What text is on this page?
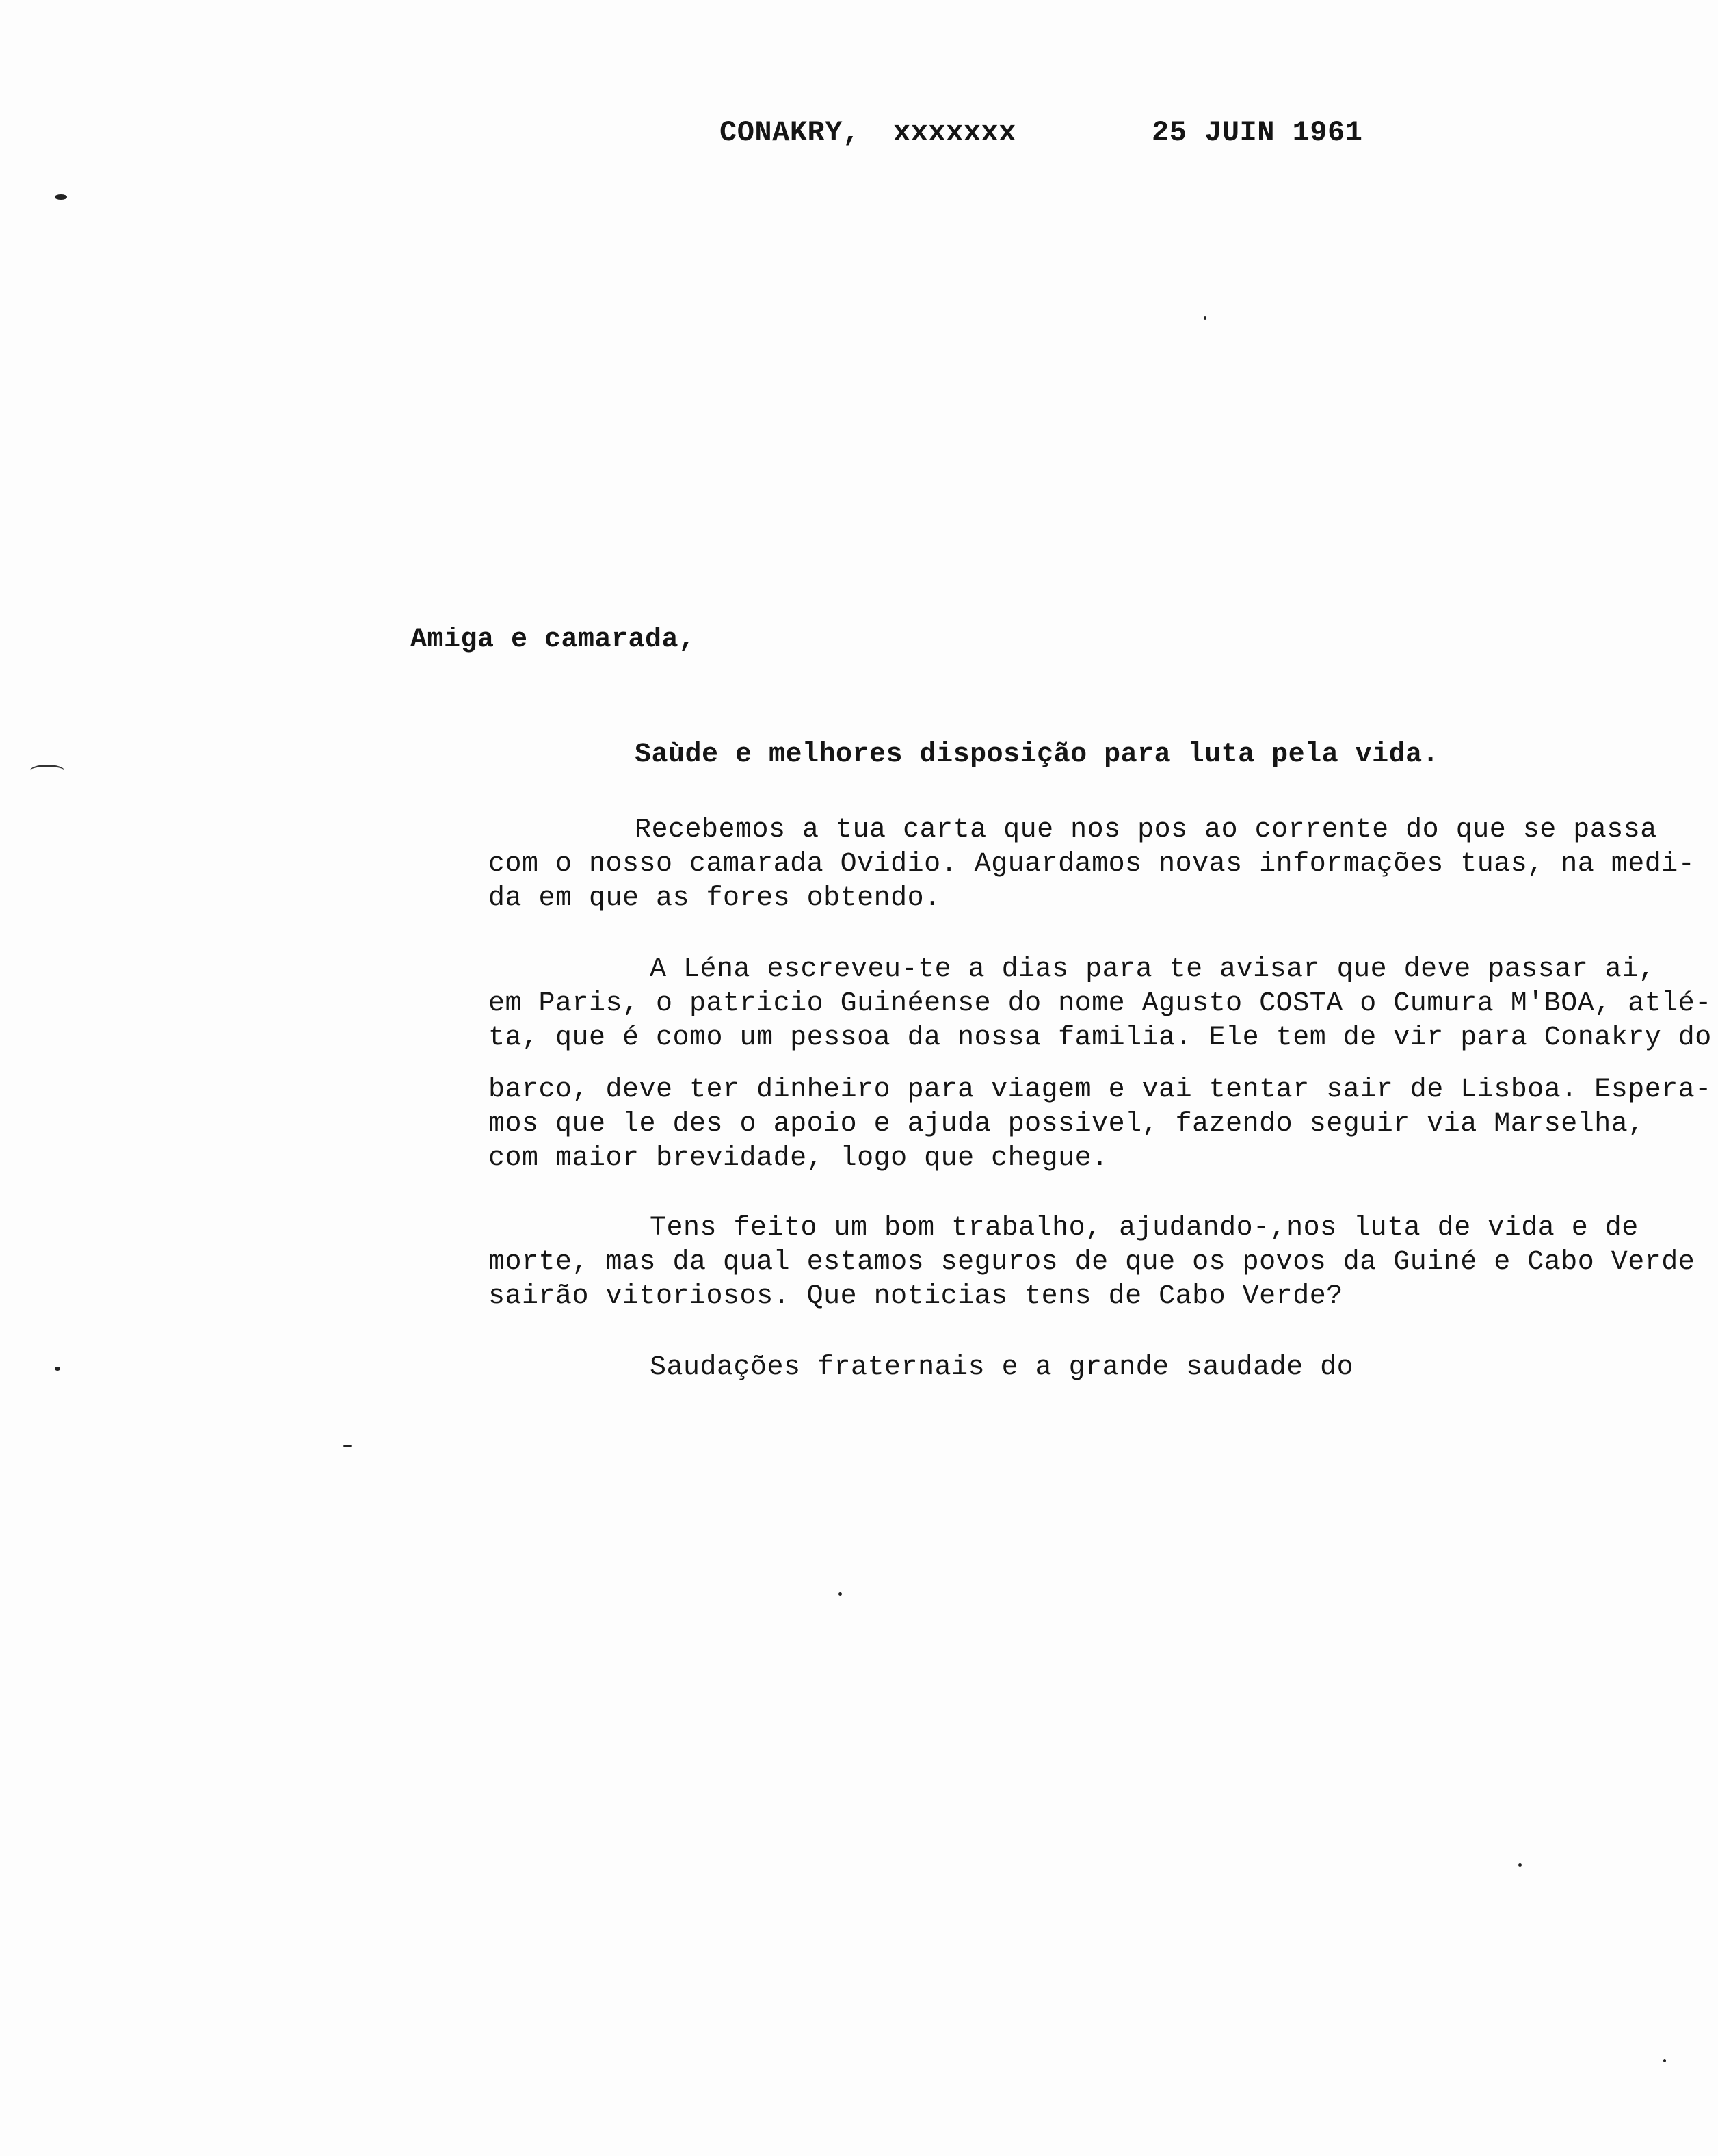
CONAKRY, xxxxxxx	25 JUIN 1961
Amiga e camarada,
Saùde e melhores disposição para luta pela vida.
Recebemos a tua carta que nos pos ao corrente do que se passa
com o nosso camarada Ovidio. Aguardamos novas informações tuas, na medi-
da em que as fores obtendo.
A Léna escreveu-te a dias para te avisar que deve passar ai,
em Paris, o patricio Guinéense do nome Agusto COSTA o Cumura M'BOA, atlé-
ta, que é como um pessoa da nossa familia. Ele tem de vir para Conakry do
barco, deve ter dinheiro para viagem e vai tentar sair de Lisboa. Espera-
mos que le des o apoio e ajuda possivel, fazendo seguir via Marselha,
com maior brevidade, logo que chegue.
Tens feito um bom trabalho, ajudando-,nos luta de vida e de
morte, mas da qual estamos seguros de que os povos da Guiné e Cabo Verde
sairão vitoriosos. Que noticias tens de Cabo Verde?
Saudações fraternais e a grande saudade do
